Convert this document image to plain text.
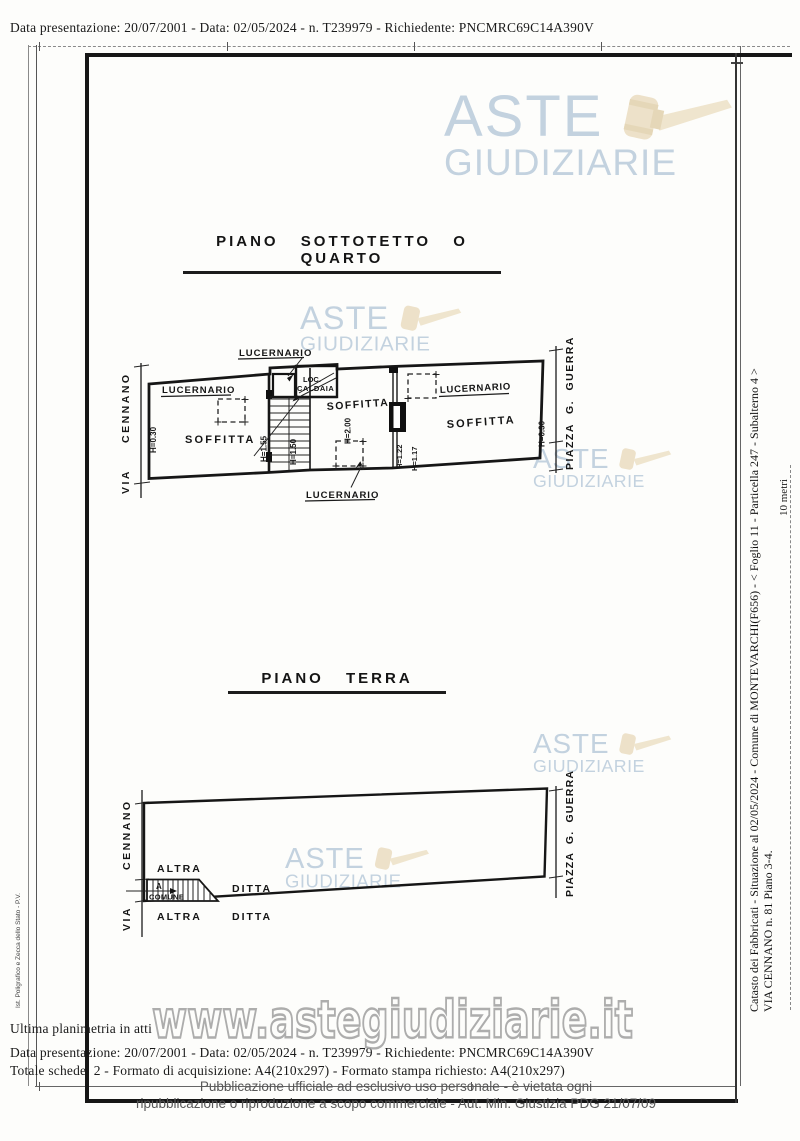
Data presentazione: 20/07/2001 - Data: 02/05/2024 - n. T239979 - Richiedente: PNCMRC69C14A390V
ASTE
GIUDIZIARIE
ASTE
GIUDIZIARIE
ASTE
GIUDIZIARIE
ASTE
GIUDIZIARIE
ASTE
GIUDIZIARIE
PIANO SOTTOTETTO O QUARTO
PIANO TERRA
CENNANO
VIA
PIAZZA G. GUERRA
LOC.
CALDAIA
LUCERNARIO
LUCERNARIO
SOFFITTA
H=0.30	H=1.55	H=1.50
SOFFITTA
H=2.00
LUCERNARIO
LUCERNARIO
SOFFITTA
H=1.22 H=1.17
H=0.30
CENNANO
VIA
PIAZZA G. GUERRA
ALTRA
DITTA
A
COMUNE
ALTRA	DITTA	Catasto dei Fabbricati - Situazione al 02/05/2024 - Comune di MONTEVARCHI(F656) - < Foglio 11 - Particella 247 - Subalterno 4 > VIA CENNANO n. 81 Piano 3-4.
10 metri
Ist. Poligrafico e Zecca dello Stato - P.V.
Ultima planimetria in atti
Data presentazione: 20/07/2001 - Data: 02/05/2024 - n. T239979 - Richiedente: PNCMRC69C14A390V
Totale schede: 2 - Formato di acquisizione: A4(210x297) - Formato stampa richiesto: A4(210x297)
www.astegiudiziarie.it
Pubblicazione ufficiale ad esclusivo uso personale - è vietata ogni
ripubblicazione o riproduzione a scopo commerciale - Aut. Min. Giustizia PDG 21/07/09
